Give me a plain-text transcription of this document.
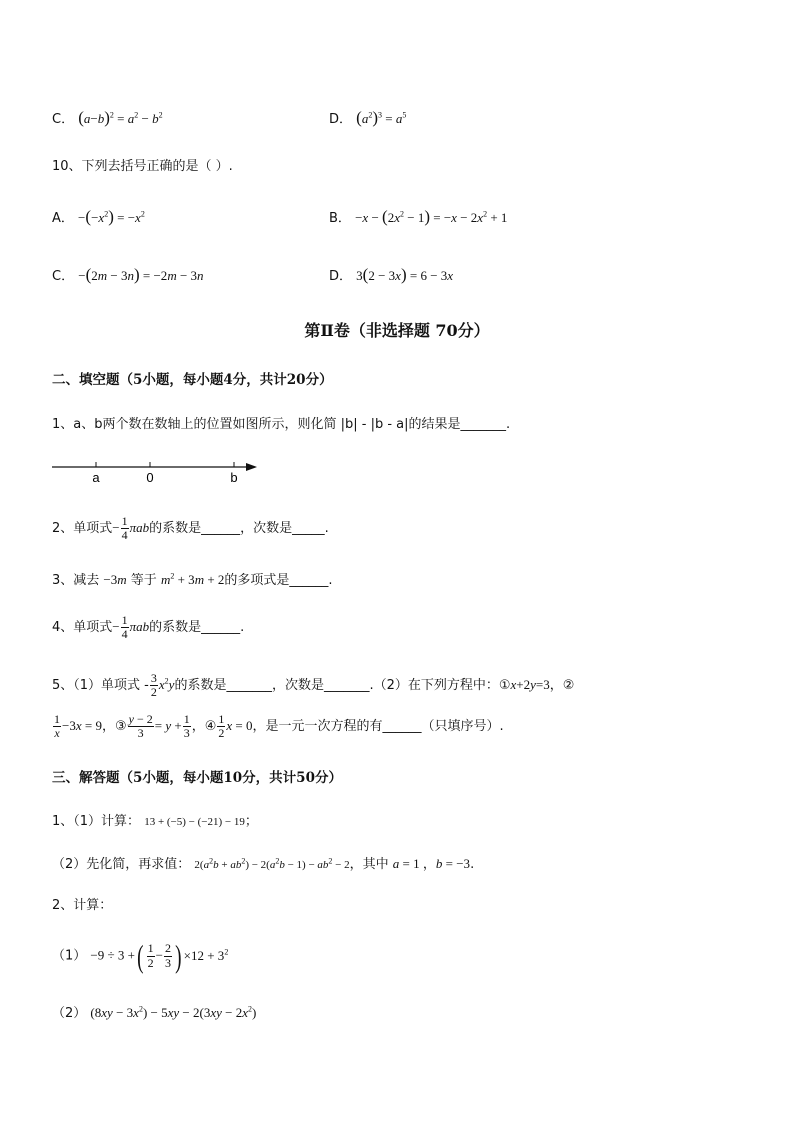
C． $(a-b)^2 = a^2 - b^2$	D． $(a^2)^3 = a^5$
10、下列去括号正确的是（ ）.
A． $-(-x^2) = -x^2$	B． $-x - (2x^2 - 1) = -x - 2x^2 + 1$
C． −(2m − 3n) = −2m − 3n	D． 3(2 − 3x) = 6 − 3x
第Ⅱ卷（非选择题 70分）
二、填空题（5小题，每小题4分，共计20分）
1、a、b两个数在数轴上的位置如图所示，则化简 |b| - |b - a|的结果是_______.
a	0	b
2、单项式− $\frac{1}{4}$ πab的系数是______，次数是_____.
3、减去 −3m 等于 $m^2 + 3m + 2$的多项式是______.
4、单项式− $\frac{1}{4}$ πab的系数是______.
5、（1）单项式 - $\frac{3}{2} x^2y$的系数是_______，次数是_______.（2）在下列方程中：①x+2y=3，②
$\frac{1}{x} -3x = 9$，③ $\frac{y - 2}{3} = y + \frac{1}{3}$ ，④ $\frac{1}{2}$ x = 0，是一元一次方程的有______（只填序号）.
三、解答题（5小题，每小题10分，共计50分）
1、（1）计算： 13 + (−5) − (−21) − 19；
（2）先化简，再求值： $2(a^2b + ab^2) - 2(a^2b - 1) - ab^2 - 2$，其中 a = 1 ，b = −3.
2、计算：
（1） −9 ÷ 3 +( $\frac{1}{2} - \frac{2}{3}$ ) $\times 12 + 3^2$
（2） $(8xy - 3x^2) - 5xy - 2(3xy - 2x^2)$
